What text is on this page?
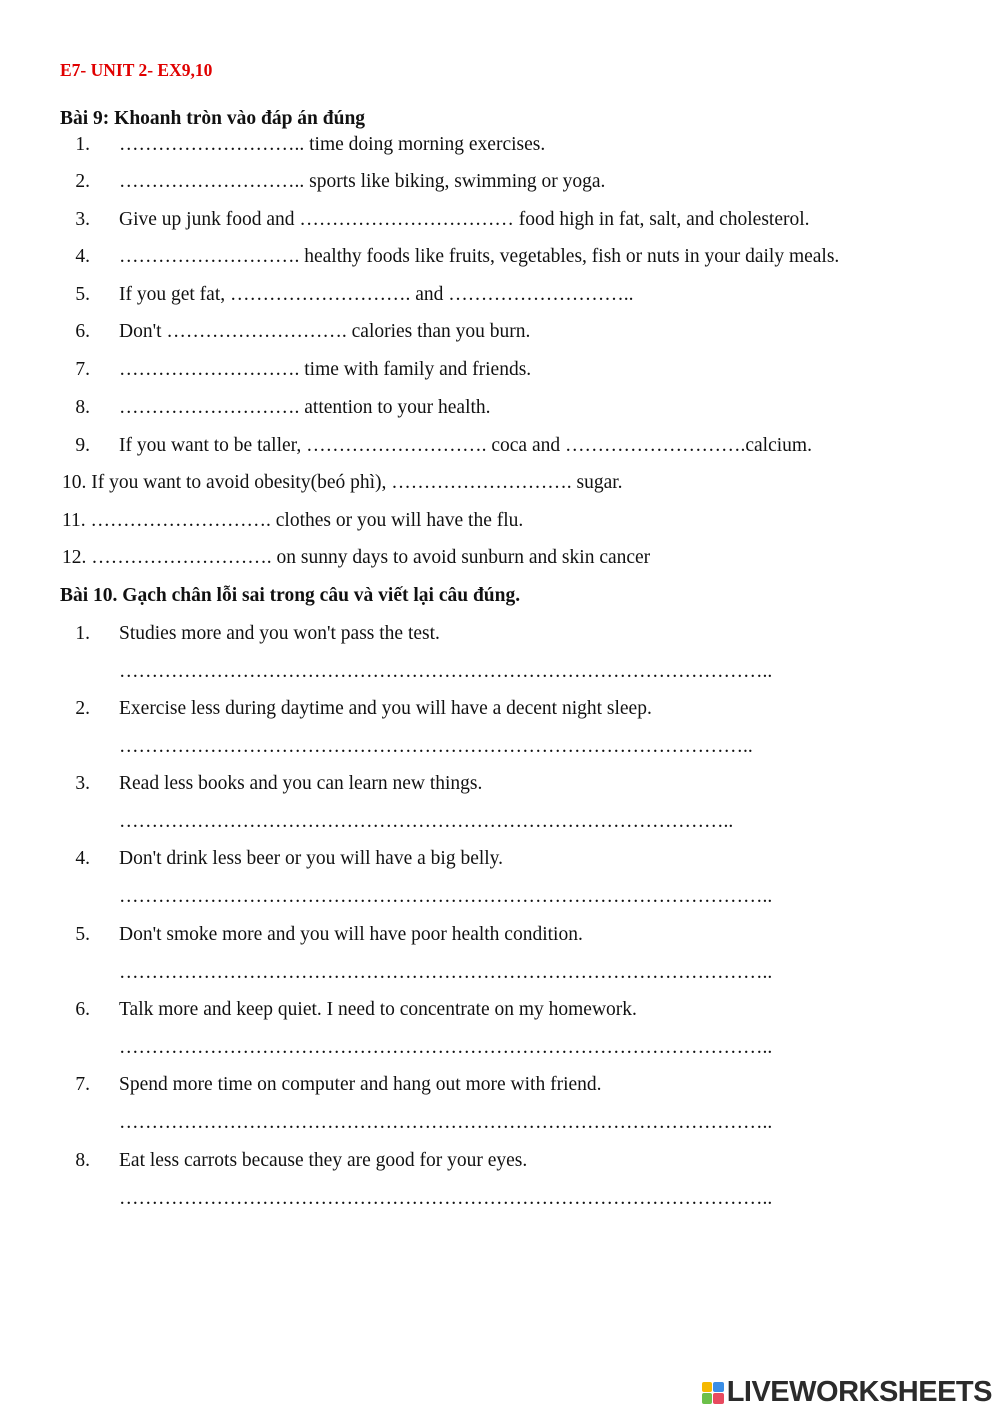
E7- UNIT 2- EX9,10
Bài 9: Khoanh tròn vào đáp án đúng
1. ……………………….. time doing morning exercises.
2. ……………………….. sports like biking, swimming or yoga.
3. Give up junk food and …………………………… food high in fat, salt, and cholesterol.
4. ………………………. healthy foods like fruits, vegetables, fish or nuts in your daily meals.
5. If you get fat, ………………………. and ………………………..
6. Don't ………………………. calories than you burn.
7. ………………………. time with family and friends.
8. ………………………. attention to your health.
9. If you want to be taller, ………………………. coca and ……………………….calcium.
10. If you want to avoid obesity(beó phì), ………………………. sugar.
11. ………………………. clothes or you will have the flu.
12. ………………………. on sunny days to avoid sunburn and skin cancer
Bài 10. Gạch chân lỗi sai trong câu và viết lại câu đúng.
1. Studies more and you won't pass the test.
………………………………………………………………………………………..
2. Exercise less during daytime and you will have a decent night sleep.
……………………………………………………………………………………..
3. Read less books and you can learn new things.
…………………………………………………………………………………..
4. Don't drink less beer or you will have a big belly.
………………………………………………………………………………………..
5. Don't smoke more and you will have poor health condition.
………………………………………………………………………………………..
6. Talk more and keep quiet. I need to concentrate on my homework.
………………………………………………………………………………………..
7. Spend more time on computer and hang out more with friend.
………………………………………………………………………………………..
8. Eat less carrots because they are good for your eyes.
………………………………………………………………………………………..
LIVEWORKSHEETS
